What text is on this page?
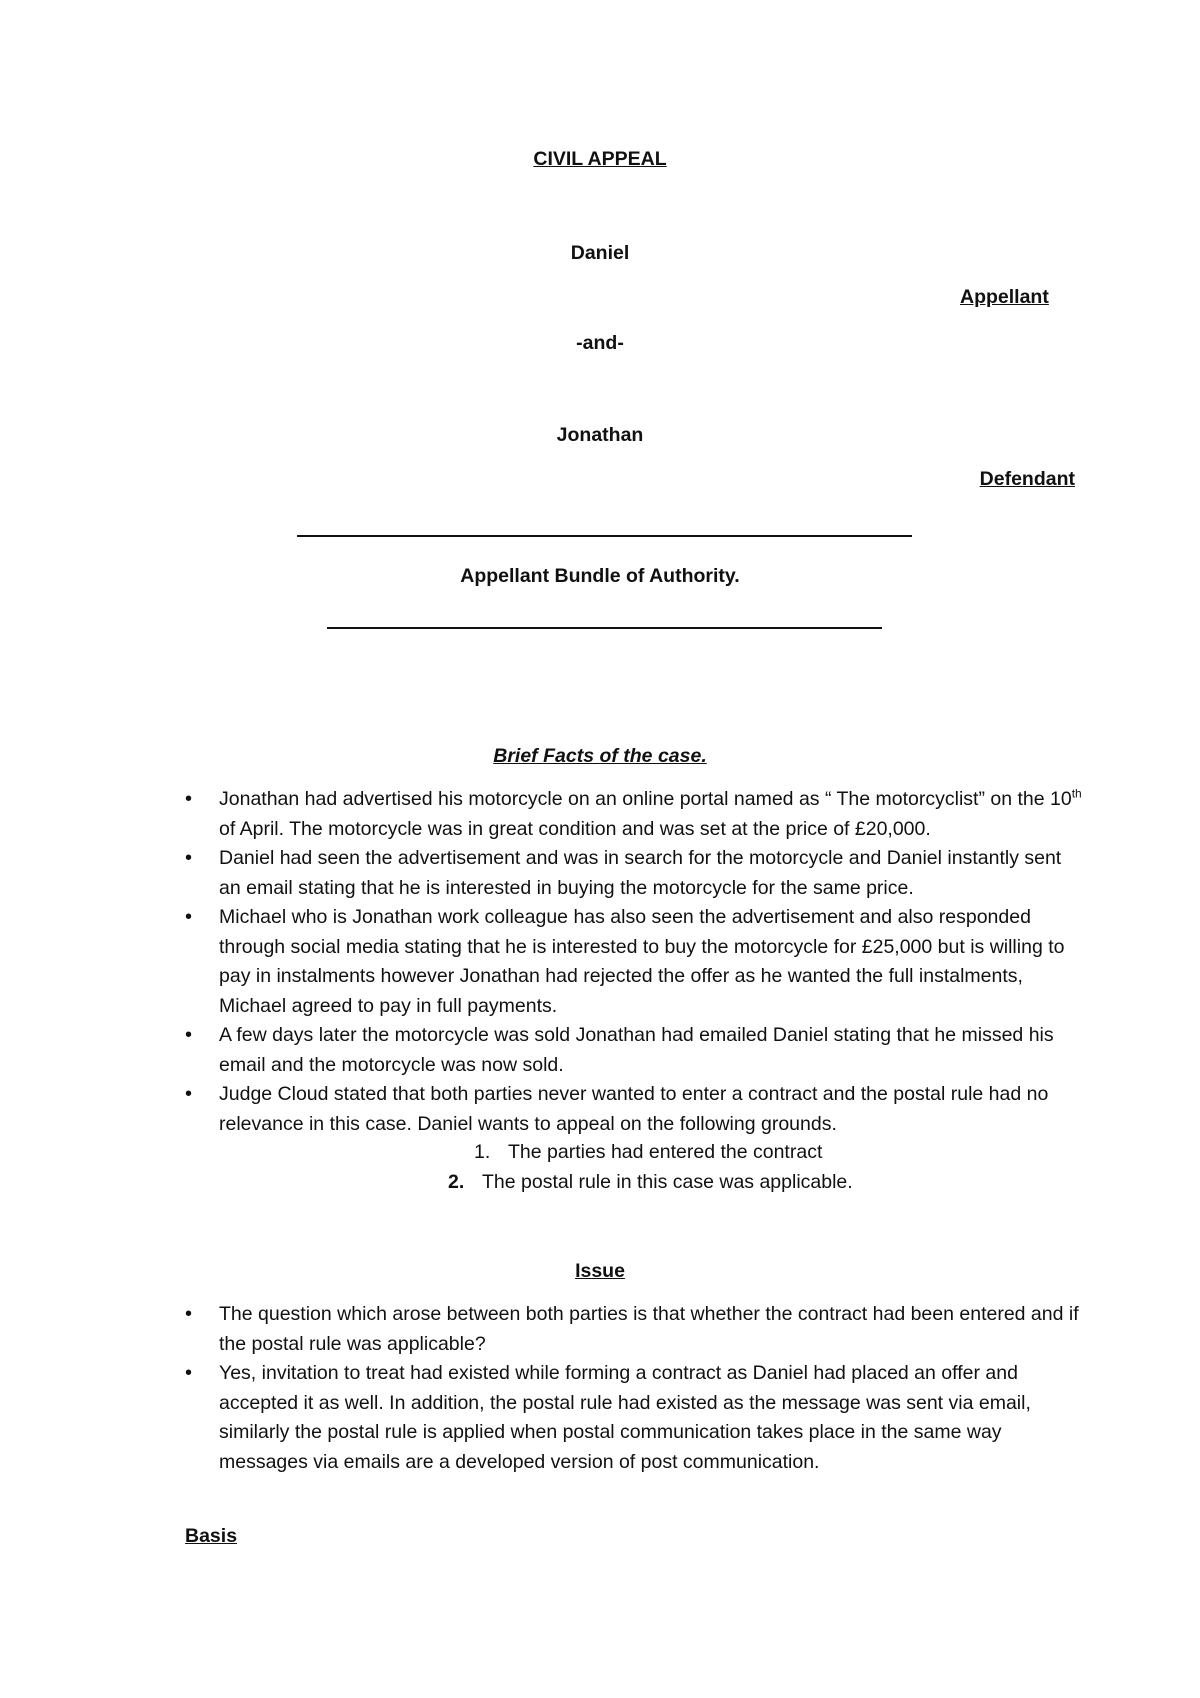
CIVIL APPEAL
Daniel
Appellant
-and-
Jonathan
Defendant
Appellant Bundle of Authority.
Brief Facts of the case.
• Jonathan had advertised his motorcycle on an online portal named as “ The motorcyclist” on the 10th of April. The motorcycle was in great condition and was set at the price of £20,000.
• Daniel had seen the advertisement and was in search for the motorcycle and Daniel instantly sent an email stating that he is interested in buying the motorcycle for the same price.
• Michael who is Jonathan work colleague has also seen the advertisement and also responded through social media stating that he is interested to buy the motorcycle for £25,000 but is willing to pay in instalments however Jonathan had rejected the offer as he wanted the full instalments, Michael agreed to pay in full payments.
• A few days later the motorcycle was sold Jonathan had emailed Daniel stating that he missed his email and the motorcycle was now sold.
• Judge Cloud stated that both parties never wanted to enter a contract and the postal rule had no relevance in this case. Daniel wants to appeal on the following grounds.
1. The parties had entered the contract
2. The postal rule in this case was applicable.
Issue
• The question which arose between both parties is that whether the contract had been entered and if the postal rule was applicable?
• Yes, invitation to treat had existed while forming a contract as Daniel had placed an offer and accepted it as well. In addition, the postal rule had existed as the message was sent via email, similarly the postal rule is applied when postal communication takes place in the same way messages via emails are a developed version of post communication.
Basis
